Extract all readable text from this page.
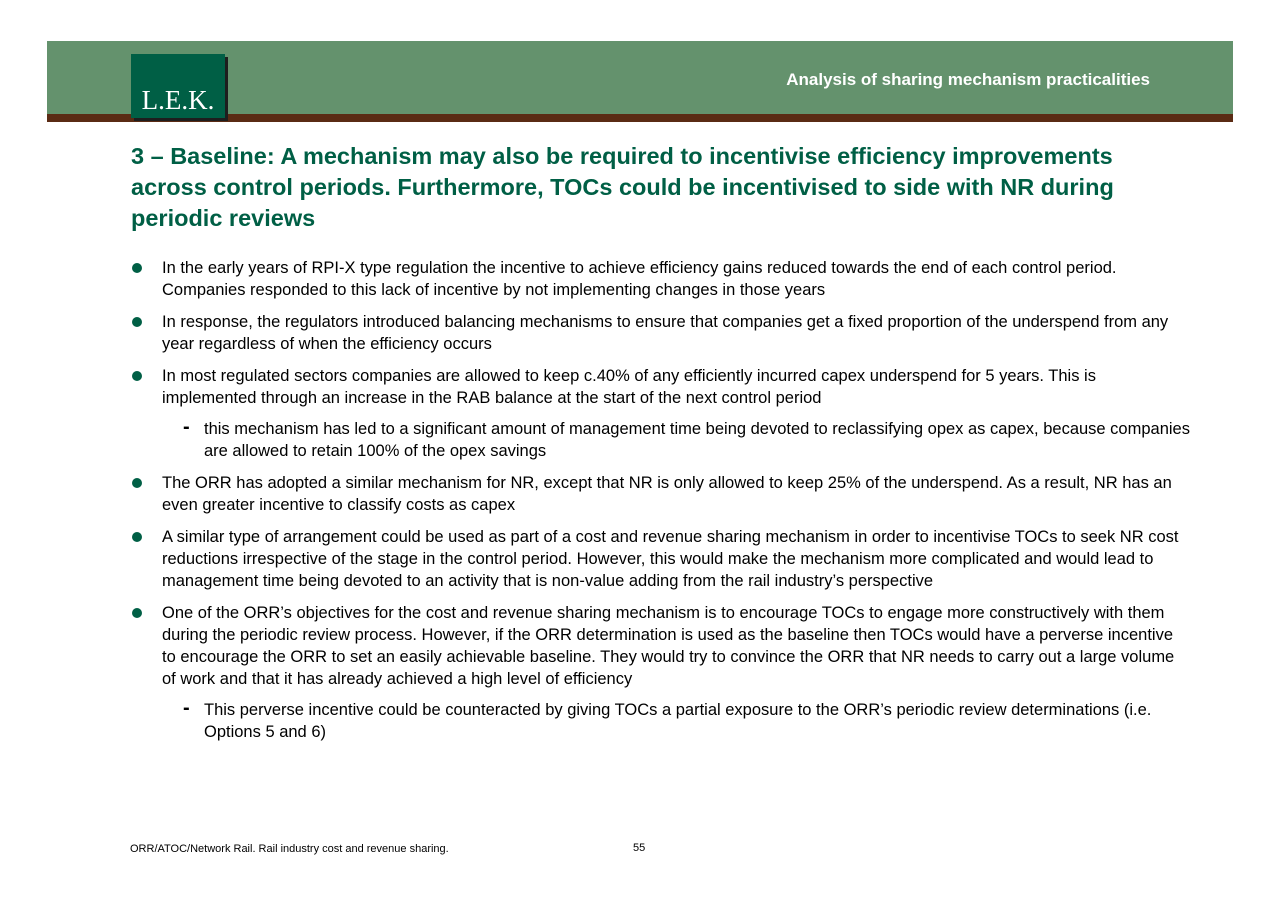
L.E.K.
Analysis of sharing mechanism practicalities
3 – Baseline: A mechanism may also be required to incentivise efficiency improvements across control periods. Furthermore, TOCs could be incentivised to side with NR during periodic reviews
In the early years of RPI-X type regulation the incentive to achieve efficiency gains reduced towards the end of each control period. Companies responded to this lack of incentive by not implementing changes in those years
In response, the regulators introduced balancing mechanisms to ensure that companies get a fixed proportion of the underspend from any year regardless of when the efficiency occurs
In most regulated sectors companies are allowed to keep c.40% of any efficiently incurred capex underspend for 5 years. This is implemented through an increase in the RAB balance at the start of the next control period
- this mechanism has led to a significant amount of management time being devoted to reclassifying opex as capex, because companies are allowed to retain 100% of the opex savings
The ORR has adopted a similar mechanism for NR, except that NR is only allowed to keep 25% of the underspend. As a result, NR has an even greater incentive to classify costs as capex
A similar type of arrangement could be used as part of a cost and revenue sharing mechanism in order to incentivise TOCs to seek NR cost reductions irrespective of the stage in the control period. However, this would make the mechanism more complicated and would lead to management time being devoted to an activity that is non-value adding from the rail industry’s perspective
One of the ORR’s objectives for the cost and revenue sharing mechanism is to encourage TOCs to engage more constructively with them during the periodic review process. However, if the ORR determination is used as the baseline then TOCs would have a perverse incentive to encourage the ORR to set an easily achievable baseline. They would try to convince the ORR that NR needs to carry out a large volume of work and that it has already achieved a high level of efficiency
- This perverse incentive could be counteracted by giving TOCs a partial exposure to the ORR’s periodic review determinations (i.e. Options 5 and 6)
ORR/ATOC/Network Rail. Rail industry cost and revenue sharing.	55
